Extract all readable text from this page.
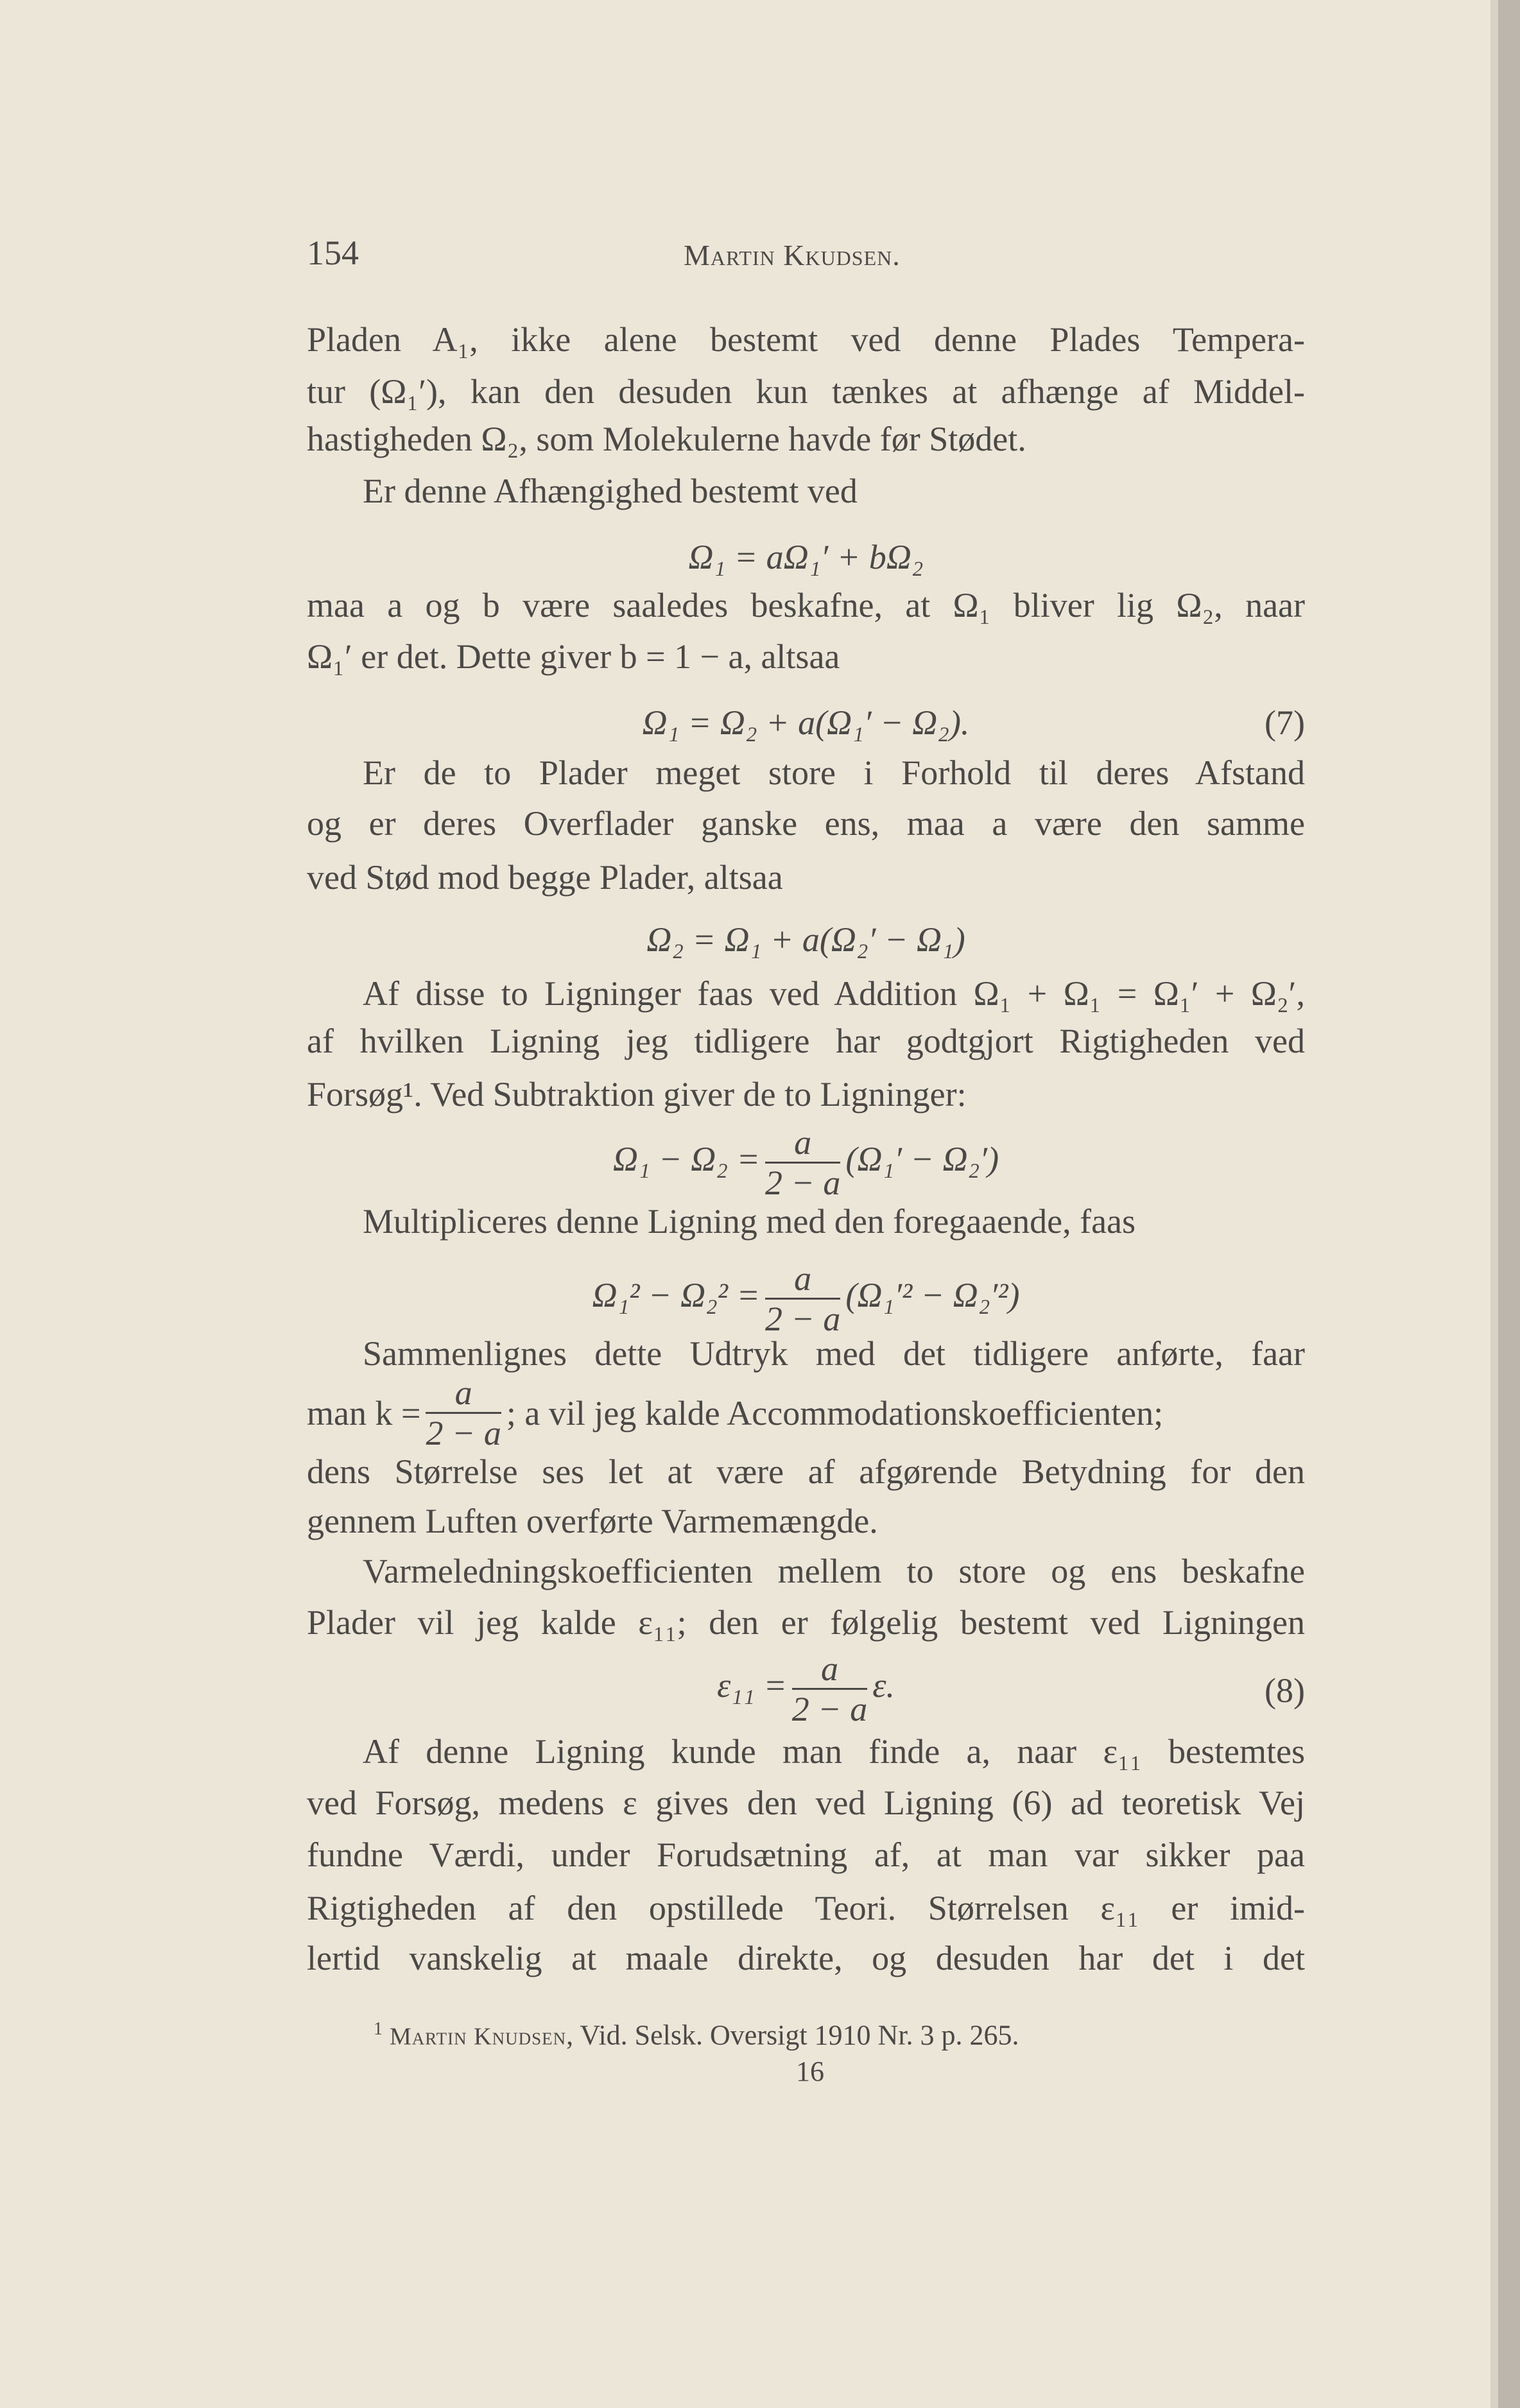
154	Martin Kkudsen.
Pladen A₁, ikke alene bestemt ved denne Plades Tempera-
tur (Ω₁′), kan den desuden kun tænkes at afhænge af Middel-
hastigheden Ω₂, som Molekulerne havde før Stødet.
Er denne Afhængighed bestemt ved
Ω₁ = aΩ₁′ + bΩ₂
maa a og b være saaledes beskafne, at Ω₁ bliver lig Ω₂, naar
Ω₁′ er det. Dette giver b = 1 − a, altsaa
Ω₁ = Ω₂ + a(Ω₁′ − Ω₂).	(7)
Er de to Plader meget store i Forhold til deres Afstand
og er deres Overflader ganske ens, maa a være den samme
ved Stød mod begge Plader, altsaa
Ω₂ = Ω₁ + a(Ω₂′ − Ω₁)
Af disse to Ligninger faas ved Addition Ω₁ + Ω₁ = Ω₁′ + Ω₂′,
af hvilken Ligning jeg tidligere har godtgjort Rigtigheden ved
Forsøg¹. Ved Subtraktion giver de to Ligninger:
$\Omega_1 - \Omega_2 = \frac{a}{2 - a} (\Omega_1' - \Omega_2')$
Multipliceres denne Ligning med den foregaaende, faas
$\Omega_1^2 - \Omega_2^2 = \frac{a}{2 - a} (\Omega_1'^2 - \Omega_2'^2)$
Sammenlignes dette Udtryk med det tidligere anførte, faar
man $k = \frac{a}{2 - a}$ ; a vil jeg kalde Accommodationskoefficienten;
dens Størrelse ses let at være af afgørende Betydning for den
gennem Luften overførte Varmemængde.
Varmeledningskoefficienten mellem to store og ens beskafne
Plader vil jeg kalde ε₁₁; den er følgelig bestemt ved Ligningen
$\varepsilon_{11} = \frac{a}{2 - a} \varepsilon$.	(8)
Af denne Ligning kunde man finde a, naar ε₁₁ bestemtes
ved Forsøg, medens ε gives den ved Ligning (6) ad teoretisk Vej
fundne Værdi, under Forudsætning af, at man var sikker paa
Rigtigheden af den opstillede Teori. Størrelsen ε₁₁ er imid-
lertid vanskelig at maale direkte, og desuden har det i det
$^1$ Martin Knudsen, Vid. Selsk. Oversigt 1910 Nr. 3 p. 265.
16
